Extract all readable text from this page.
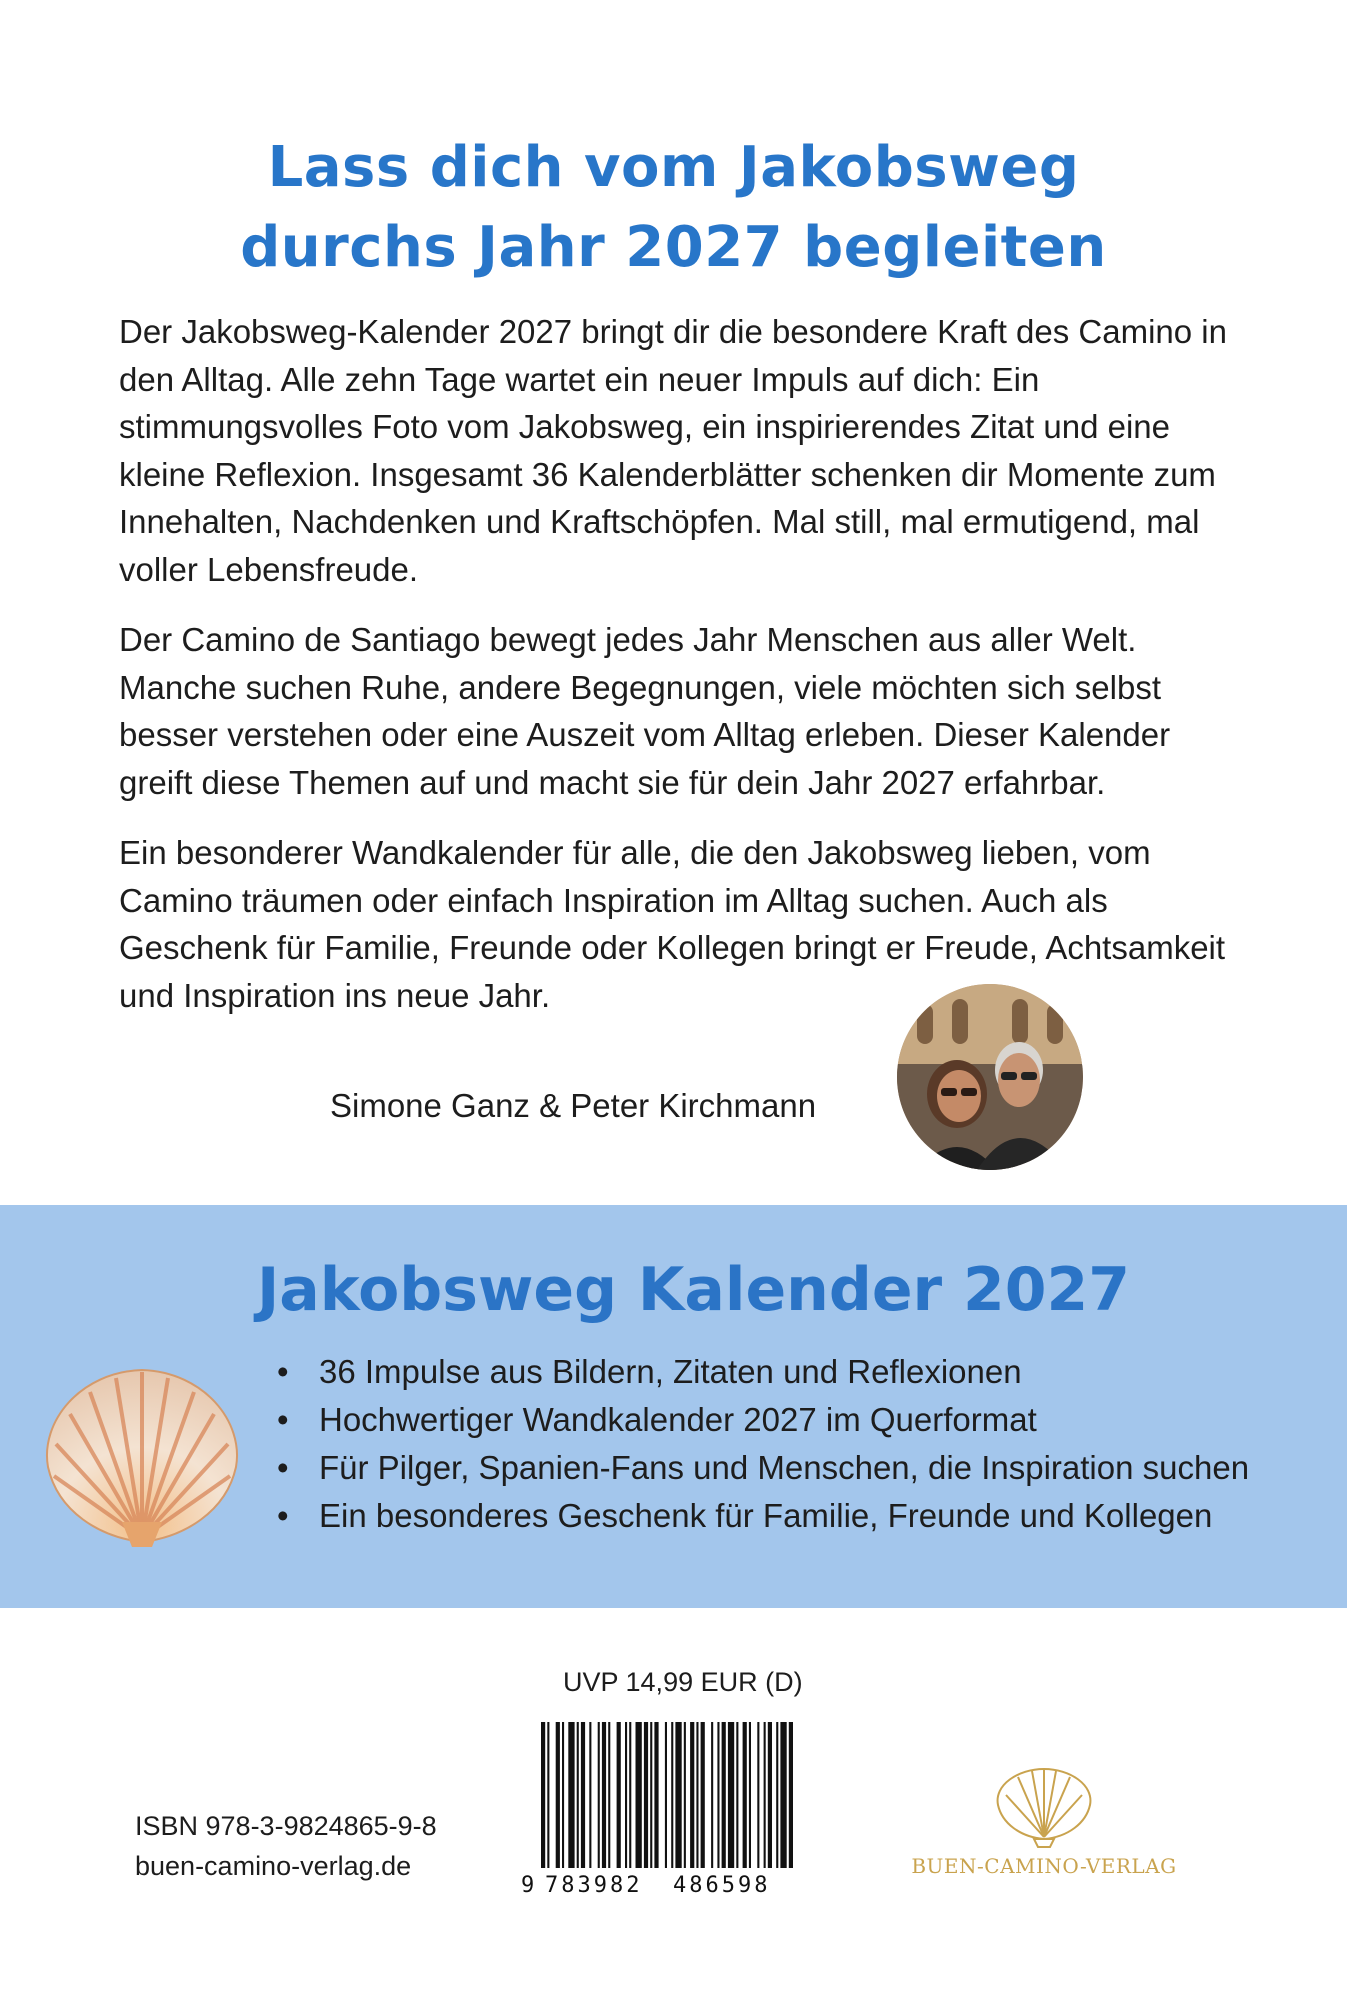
Lass dich vom Jakobsweg
durchs Jahr 2027 begleiten

Der Jakobsweg-Kalender 2027 bringt dir die besondere Kraft des Camino in den Alltag. Alle zehn Tage wartet ein neuer Impuls auf dich: Ein stimmungsvolles Foto vom Jakobsweg, ein inspirierendes Zitat und eine kleine Reflexion. Insgesamt 36 Kalenderblätter schenken dir Momente zum Innehalten, Nachdenken und Kraftschöpfen. Mal still, mal ermutigend, mal voller Lebensfreude.

Der Camino de Santiago bewegt jedes Jahr Menschen aus aller Welt. Manche suchen Ruhe, andere Begegnungen, viele möchten sich selbst besser verstehen oder eine Auszeit vom Alltag erleben. Dieser Kalender greift diese Themen auf und macht sie für dein Jahr 2027 erfahrbar.

Ein besonderer Wandkalender für alle, die den Jakobsweg lieben, vom Camino träumen oder einfach Inspiration im Alltag suchen. Auch als Geschenk für Familie, Freunde oder Kollegen bringt er Freude, Achtsamkeit und Inspiration ins neue Jahr.

Simone Ganz & Peter Kirchmann
Jakobsweg Kalender 2027
• 36 Impulse aus Bildern, Zitaten und Reflexionen
• Hochwertiger Wandkalender 2027 im Querformat
• Für Pilger, Spanien-Fans und Menschen, die Inspiration suchen
• Ein besonderes Geschenk für Familie, Freunde und Kollegen
UVP 14,99 EUR (D)
9 783982 486598
ISBN 978-3-9824865-9-8
buen-camino-verlag.de	BUEN-CAMINO-VERLAG
